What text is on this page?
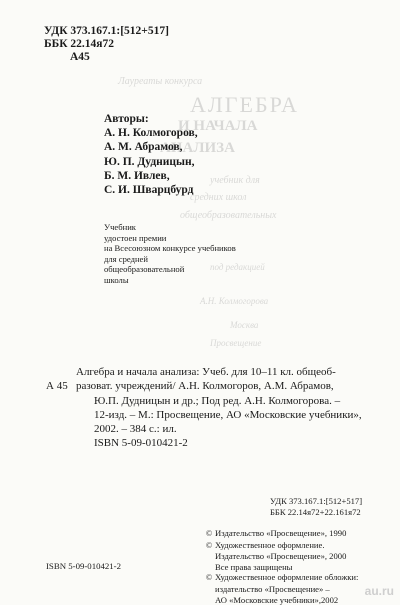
Лауреаты конкурса
АЛГЕБРА
И НАЧАЛА
АНАЛИЗА
учебник для
средних школ
общеобразовательных
под редакцией
А.Н. Колмогорова
Москва
Просвещение
УДК 373.167.1:[512+517]
ББК 22.14я72
А45
Авторы:
А. Н. Колмогоров,
А. М. Абрамов,
Ю. П. Дудницын,
Б. М. Ивлев,
С. И. Шварцбурд
Учебник
удостоен премии
на Всесоюзном конкурсе учебников
для средней
общеобразовательной
школы
А 45
Алгебра и начала анализа: Учеб. для 10–11 кл. общеоб-
разоват. учреждений/ А.Н. Колмогоров, А.М. Абрамов,
Ю.П. Дудницын и др.; Под ред. А.Н. Колмогорова. –
12-изд. – М.: Просвещение, АО «Московские учебники»,
2002. – 384 с.: ил.
ISBN 5-09-010421-2
УДК 373.167.1:[512+517]
ББК 22.14я72+22.161я72
© Издательство «Просвещение», 1990
© Художественное оформление.
Издательство «Просвещение», 2000
Все права защищены
© Художественное оформление обложки:
издательство «Просвещение» –
АО «Московские учебники»,2002
ISBN 5-09-010421-2
au.ru
